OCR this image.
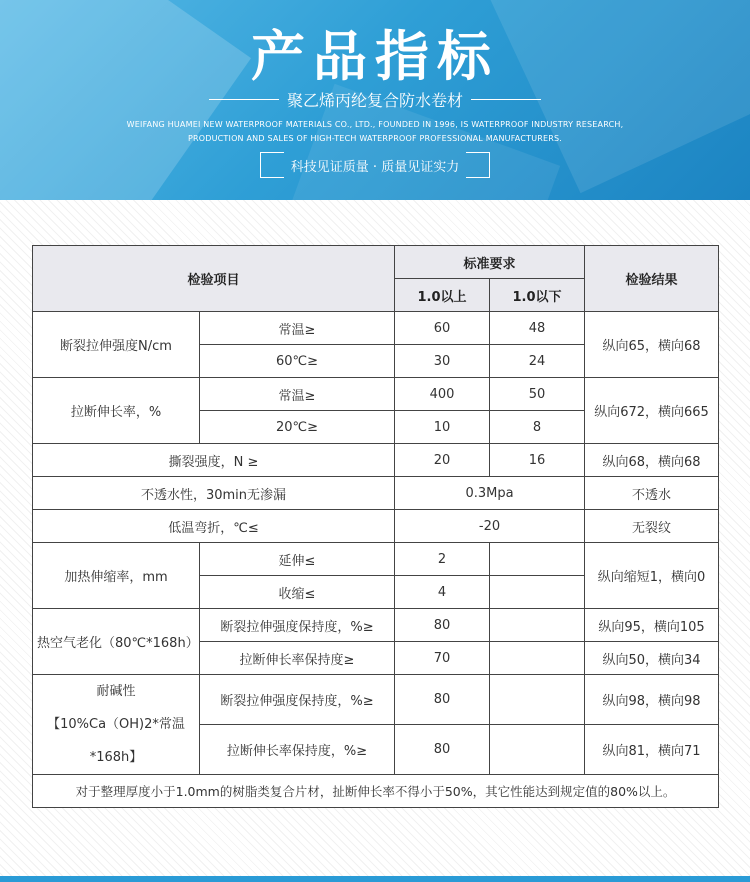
产品指标
聚乙烯丙纶复合防水卷材
WEIFANG HUAMEI NEW WATERPROOF MATERIALS CO., LTD., FOUNDED IN 1996, IS WATERPROOF INDUSTRY RESEARCH,
PRODUCTION AND SALES OF HIGH-TECH WATERPROOF PROFESSIONAL MANUFACTURERS.
科技见证质量 · 质量见证实力
检验项目		标准要求		检验结果
		1.0以上	1.0以下	
断裂拉伸强度N/cm	常温≥	60	48	纵向65，横向68
	60℃≥	30	24	
拉断伸长率，%	常温≥	400	50	纵向672，横向665
	20℃≥	10	8	
撕裂强度，N ≥		20	16	纵向68，横向68
不透水性，30min无渗漏		0.3Mpa		不透水
低温弯折，℃≤		-20		无裂纹
加热伸缩率，mm	延伸≤	2		纵向缩短1，横向0
	收缩≤	4		
热空气老化（80℃*168h）	断裂拉伸强度保持度，%≥	80		纵向95，横向105
	拉断伸长率保持度≥	70		纵向50，横向34

耐碱性
【10%Ca（OH)2*常温
*168h】	断裂拉伸强度保持度，%≥	80		纵向98，横向98
	拉断伸长率保持度，%≥	80		纵向81，横向71
对于整理厚度小于1.0mm的树脂类复合片材，扯断伸长率不得小于50%，其它性能达到规定值的80%以上。				
